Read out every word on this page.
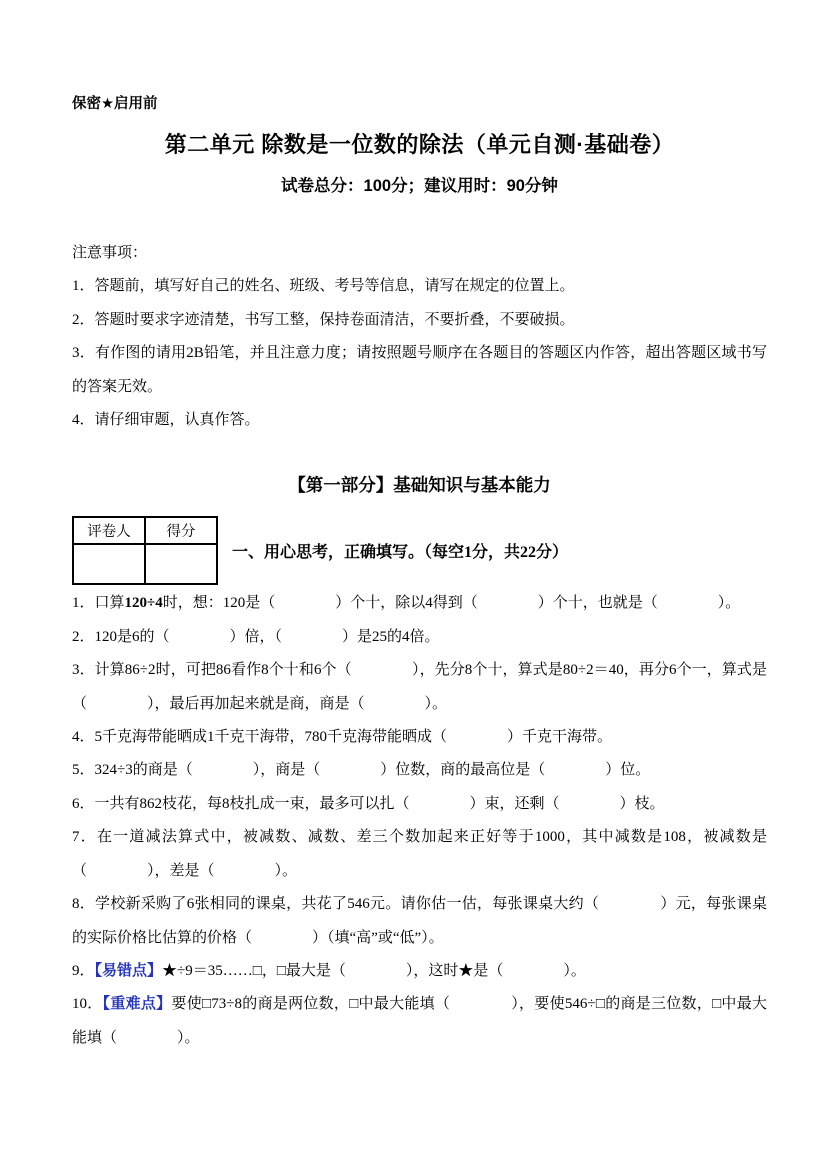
保密★启用前
第二单元 除数是一位数的除法（单元自测·基础卷）
试卷总分：100分；建议用时：90分钟

注意事项：

1．答题前，填写好自己的姓名、班级、考号等信息，请写在规定的位置上。

2．答题时要求字迹清楚，书写工整，保持卷面清洁，不要折叠，不要破损。

3．有作图的请用2B铅笔，并且注意力度；请按照题号顺序在各题目的答题区内作答，超出答题区域书写的答案无效。

4．请仔细审题，认真作答。

【第一部分】基础知识与基本能力
评卷人	得分

一、用心思考，正确填写。（每空1分，共22分）

1．口算120÷4时，想：120是（　　　　）个十，除以4得到（　　　　）个十，也就是（　　　　）。

2．120是6的（　　　　）倍，（　　　　）是25的4倍。

3．计算86÷2时，可把86看作8个十和6个（　　　　），先分8个十，算式是80÷2＝40，再分6个一，算式是（　　　　），最后再加起来就是商，商是（　　　　）。

4．5千克海带能晒成1千克干海带，780千克海带能晒成（　　　　）千克干海带。

5．324÷3的商是（　　　　），商是（　　　　）位数，商的最高位是（　　　　）位。

6．一共有862枝花，每8枝扎成一束，最多可以扎（　　　　）束，还剩（　　　　）枝。

7．在一道减法算式中，被减数、减数、差三个数加起来正好等于1000，其中减数是108，被减数是（　　　　），差是（　　　　）。

8．学校新采购了6张相同的课桌，共花了546元。请你估一估，每张课桌大约（　　　　）元，每张课桌的实际价格比估算的价格（　　　　）（填“高”或“低”）。

9．【易错点】★÷9＝35……□，□最大是（　　　　），这时★是（　　　　）。

10．【重难点】要使□73÷8的商是两位数，□中最大能填（　　　　），要使546÷□的商是三位数，□中最大能填（　　　　）。
